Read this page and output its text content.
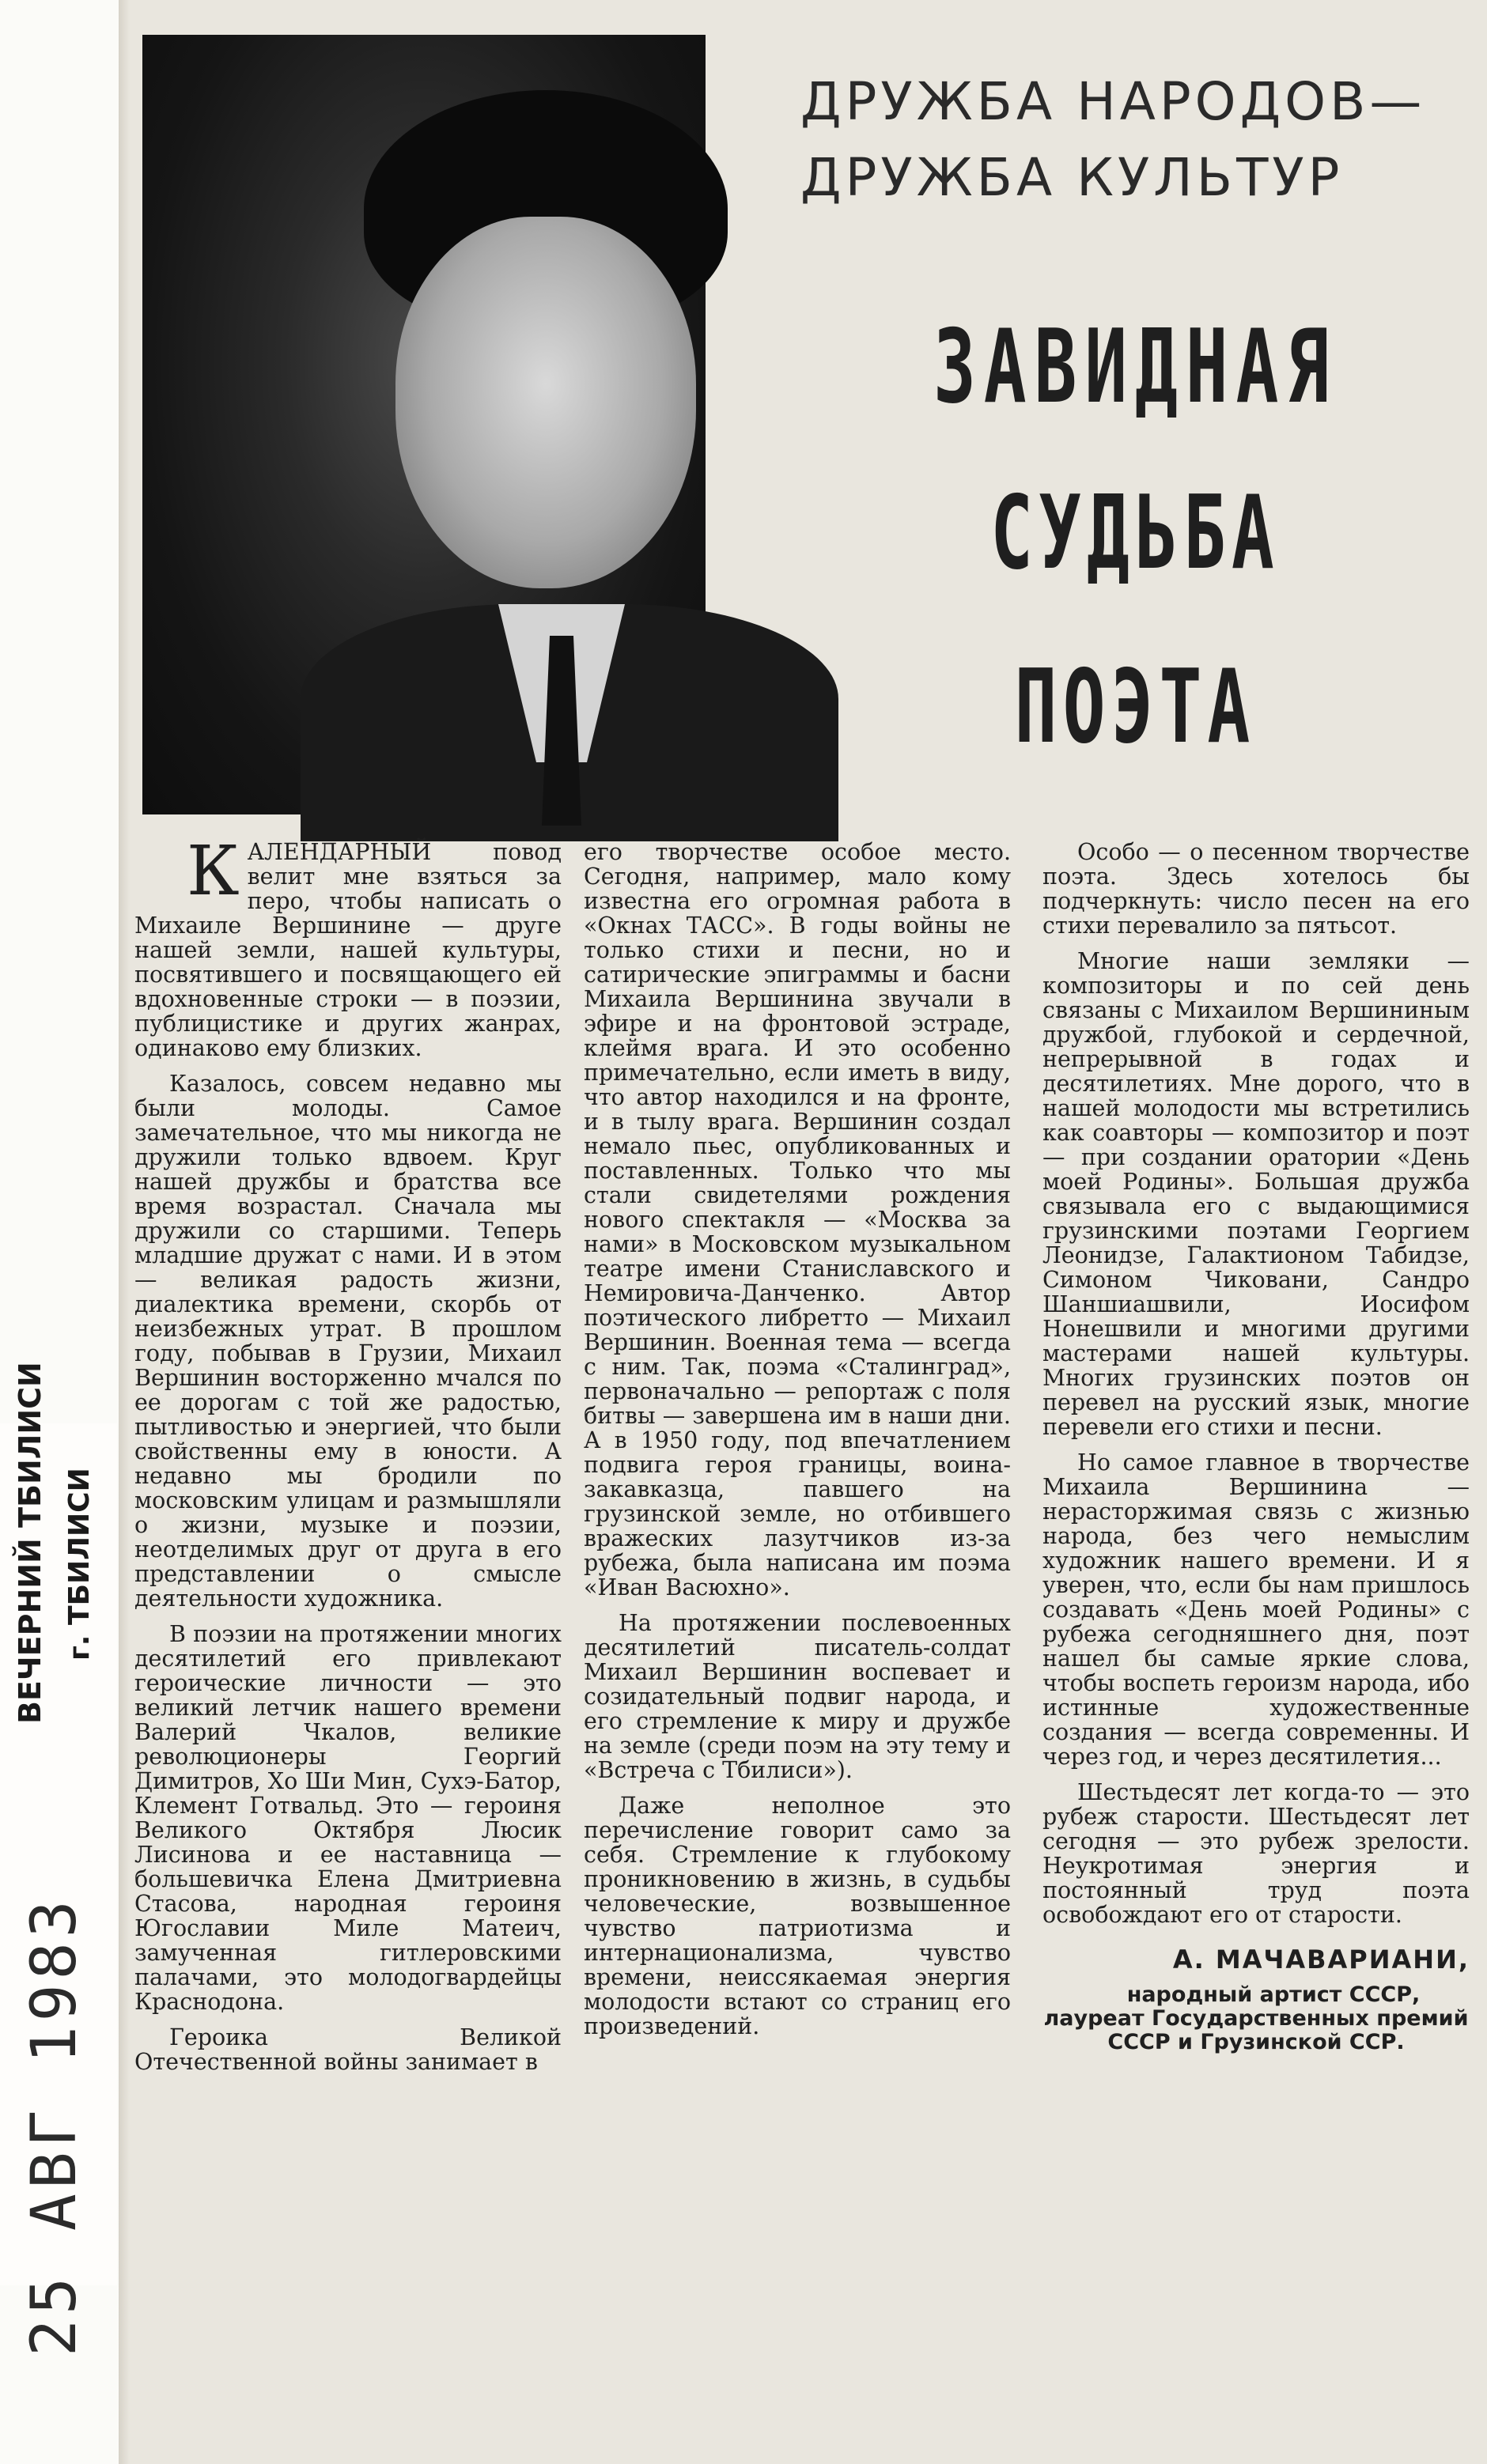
ДРУЖБА НАРОДОВ—
ДРУЖБА КУЛЬТУР
ЗАВИДНАЯ
СУДЬБА
ПОЭТА

КАЛЕНДАРНЫЙ повод велит мне взяться за перо, чтобы написать о Михаиле Вершинине — друге нашей земли, нашей культуры, посвятившего и посвящающего ей вдохновенные строки — в поэзии, публицистике и других жанрах, одинаково ему близких.

Казалось, совсем недавно мы были молоды. Самое замечательное, что мы никогда не дружили только вдвоем. Круг нашей дружбы и братства все время возрастал. Сначала мы дружили со старшими. Теперь младшие дружат с нами. И в этом — великая радость жизни, диалектика времени, скорбь от неизбежных утрат. В прошлом году, побывав в Грузии, Михаил Вершинин восторженно мчался по ее дорогам с той же радостью, пытливостью и энергией, что были свойственны ему в юности. А недавно мы бродили по московским улицам и размышляли о жизни, музыке и поэзии, неотделимых друг от друга в его представлении о смысле деятельности художника.

В поэзии на протяжении многих десятилетий его привлекают героические личности — это великий летчик нашего времени Валерий Чкалов, великие революционеры Георгий Димитров, Хо Ши Мин, Сухэ-Батор, Клемент Готвальд. Это — героиня Великого Октября Люсик Лисинова и ее наставница — большевичка Елена Дмитриевна Стасова, народная героиня Югославии Миле Матеич, замученная гитлеровскими палачами, это молодогвардейцы Краснодона.

Героика Великой Отечественной войны занимает в

его творчестве особое место. Сегодня, например, мало кому известна его огромная работа в «Окнах ТАСС». В годы войны не только стихи и песни, но и сатирические эпиграммы и басни Михаила Вершинина звучали в эфире и на фронтовой эстраде, клеймя врага. И это особенно примечательно, если иметь в виду, что автор находился и на фронте, и в тылу врага. Вершинин создал немало пьес, опубликованных и поставленных. Только что мы стали свидетелями рождения нового спектакля — «Москва за нами» в Московском музыкальном театре имени Станиславского и Немировича-Данченко. Автор поэтического либретто — Михаил Вершинин. Военная тема — всегда с ним. Так, поэма «Сталинград», первоначально — репортаж с поля битвы — завершена им в наши дни. А в 1950 году, под впечатлением подвига героя границы, воина-закавказца, павшего на грузинской земле, но отбившего вражеских лазутчиков из-за рубежа, была написана им поэма «Иван Васюхно».

На протяжении послевоенных десятилетий писатель-солдат Михаил Вершинин воспевает и созидательный подвиг народа, и его стремление к миру и дружбе на земле (среди поэм на эту тему и «Встреча с Тбилиси»).

Даже неполное это перечисление говорит само за себя. Стремление к глубокому проникновению в жизнь, в судьбы человеческие, возвышенное чувство патриотизма и интернационализма, чувство времени, неиссякаемая энергия молодости встают со страниц его произведений.

Особо — о песенном творчестве поэта. Здесь хотелось бы подчеркнуть: число песен на его стихи перевалило за пятьсот.

Многие наши земляки — композиторы и по сей день связаны с Михаилом Вершининым дружбой, глубокой и сердечной, непрерывной в годах и десятилетиях. Мне дорого, что в нашей молодости мы встретились как соавторы — композитор и поэт — при создании оратории «День моей Родины». Большая дружба связывала его с выдающимися грузинскими поэтами Георгием Леонидзе, Галактионом Табидзе, Симоном Чиковани, Сандро Шаншиашвили, Иосифом Нонешвили и многими другими мастерами нашей культуры. Многих грузинских поэтов он перевел на русский язык, многие перевели его стихи и песни.

Но самое главное в творчестве Михаила Вершинина — нерасторжимая связь с жизнью народа, без чего немыслим художник нашего времени. И я уверен, что, если бы нам пришлось создавать «День моей Родины» с рубежа сегодняшнего дня, поэт нашел бы самые яркие слова, чтобы воспеть героизм народа, ибо истинные художественные создания — всегда современны. И через год, и через десятилетия...

Шестьдесят лет когда-то — это рубеж старости. Шестьдесят лет сегодня — это рубеж зрелости. Неукротимая энергия и постоянный труд поэта освобождают его от старости.

А. МАЧАВАРИАНИ,

народный артист СССР, лауреат Государственных премий СССР и Грузинской ССР.

ВЕЧЕРНИЙ ТБИЛИСИ г. ТБИЛИСИ
25 АВГ 1983
